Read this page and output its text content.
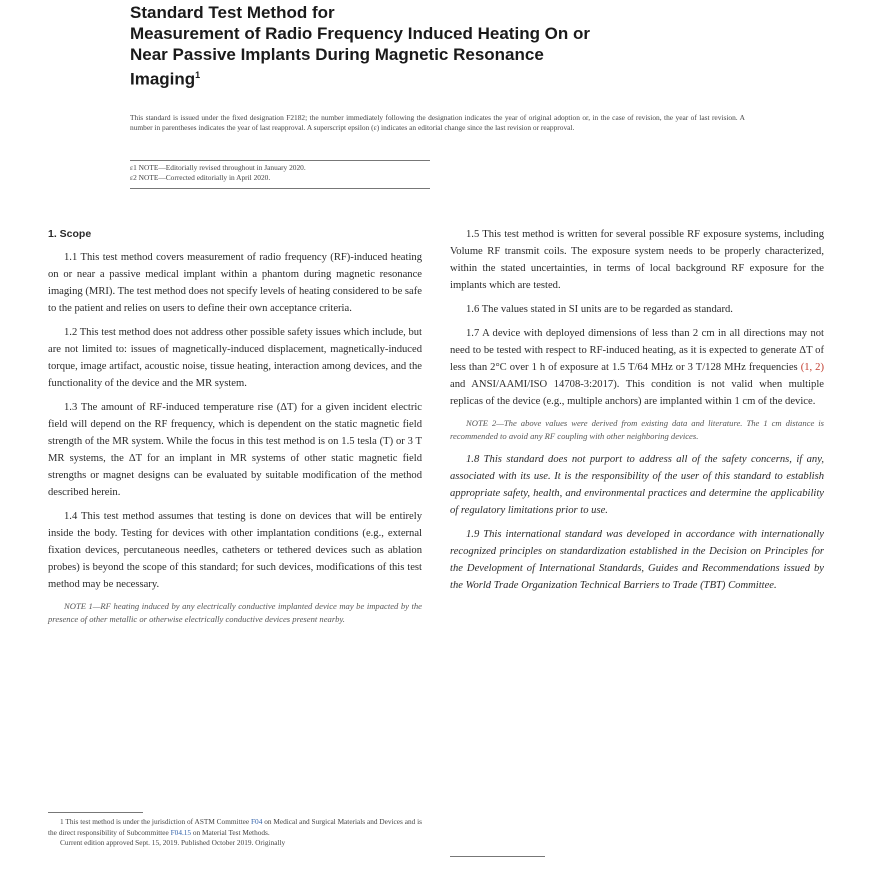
Standard Test Method for
Measurement of Radio Frequency Induced Heating On or
Near Passive Implants During Magnetic Resonance
Imaging$^1$
This standard is issued under the fixed designation F2182; the number immediately following the designation indicates the year of original adoption or, in the case of revision, the year of last revision. A number in parentheses indicates the year of last reapproval. A superscript epsilon (ε) indicates an editorial change since the last revision or reapproval.
ε1 NOTE—Editorially revised throughout in January 2020.
ε2 NOTE—Corrected editorially in April 2020.

1. Scope

1.1 This test method covers measurement of radio frequency (RF)-induced heating on or near a passive medical implant within a phantom during magnetic resonance imaging (MRI). The test method does not specify levels of heating considered to be safe to the patient and relies on users to define their own acceptance criteria.

1.2 This test method does not address other possible safety issues which include, but are not limited to: issues of magnetically-induced displacement, magnetically-induced torque, image artifact, acoustic noise, tissue heating, interaction among devices, and the functionality of the device and the MR system.

1.3 The amount of RF-induced temperature rise (ΔT) for a given incident electric field will depend on the RF frequency, which is dependent on the static magnetic field strength of the MR system. While the focus in this test method is on 1.5 tesla (T) or 3 T MR systems, the ΔT for an implant in MR systems of other static magnetic field strengths or magnet designs can be evaluated by suitable modification of the method described herein.

1.4 This test method assumes that testing is done on devices that will be entirely inside the body. Testing for devices with other implantation conditions (e.g., external fixation devices, percutaneous needles, catheters or tethered devices such as ablation probes) is beyond the scope of this standard; for such devices, modifications of this test method may be necessary.

NOTE 1—RF heating induced by any electrically conductive implanted device may be impacted by the presence of other metallic or otherwise electrically conductive devices present nearby.

1.5 This test method is written for several possible RF exposure systems, including Volume RF transmit coils. The exposure system needs to be properly characterized, within the stated uncertainties, in terms of local background RF exposure for the implants which are tested.

1.6 The values stated in SI units are to be regarded as standard.

1.7 A device with deployed dimensions of less than 2 cm in all directions may not need to be tested with respect to RF-induced heating, as it is expected to generate ΔT of less than 2°C over 1 h of exposure at 1.5 T/64 MHz or 3 T/128 MHz frequencies (1, 2) and ANSI/AAMI/ISO 14708-3:2017). This condition is not valid when multiple replicas of the device (e.g., multiple anchors) are implanted within 1 cm of the device.

NOTE 2—The above values were derived from existing data and literature. The 1 cm distance is recommended to avoid any RF coupling with other neighboring devices.

1.8 This standard does not purport to address all of the safety concerns, if any, associated with its use. It is the responsibility of the user of this standard to establish appropriate safety, health, and environmental practices and determine the applicability of regulatory limitations prior to use.

1.9 This international standard was developed in accordance with internationally recognized principles on standardization established in the Decision on Principles for the Development of International Standards, Guides and Recommendations issued by the World Trade Organization Technical Barriers to Trade (TBT) Committee.

1 This test method is under the jurisdiction of ASTM Committee F04 on Medical and Surgical Materials and Devices and is the direct responsibility of Subcommittee F04.15 on Material Test Methods.
Current edition approved Sept. 15, 2019. Published October 2019. Originally
